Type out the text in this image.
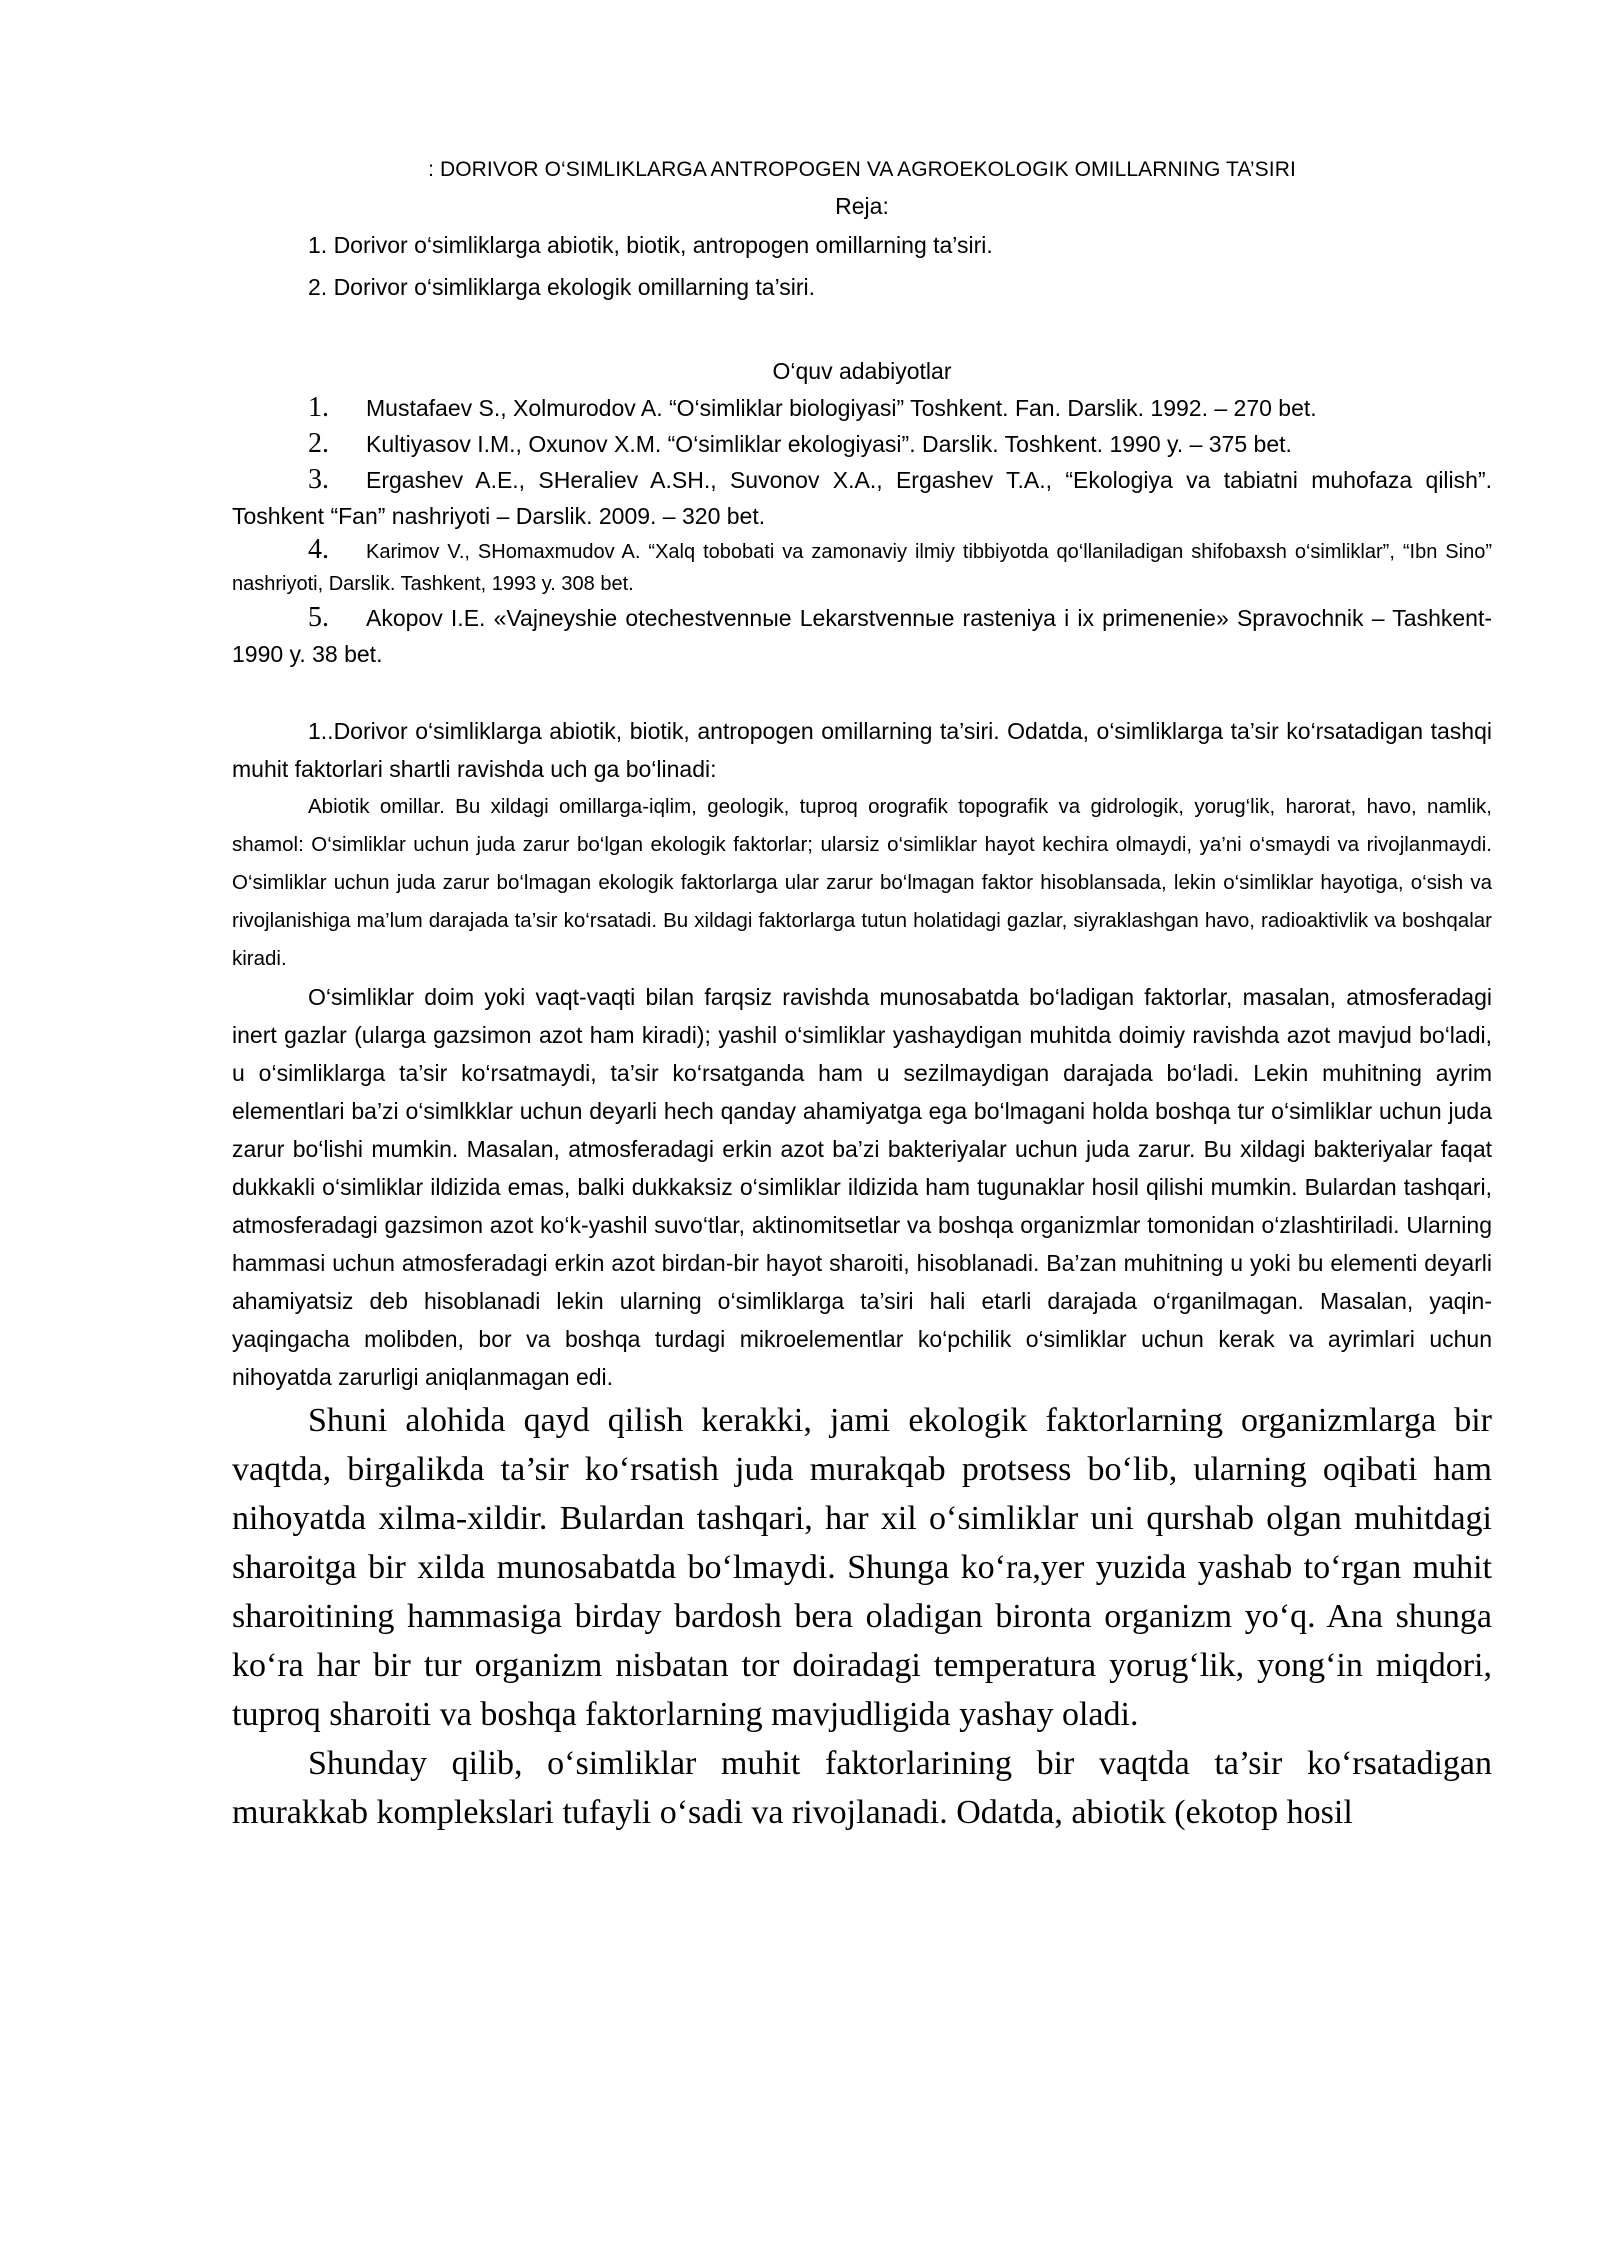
: DORIVOR O‘SIMLIKLARGA ANTROPOGEN VA AGROEKOLOGIK OMILLARNING TA’SIRI

Reja:

1. Dorivor o‘simliklarga abiotik, biotik, antropogen omillarning ta’siri.

2. Dorivor o‘simliklarga ekologik omillarning ta’siri.

O‘quv adabiyotlar

1. Mustafaev S., Xolmurodov A. “O‘simliklar biologiyasi” Toshkent. Fan. Darslik. 1992. – 270 bet.

2. Kultiyasov I.M., Oxunov X.M. “O‘simliklar ekologiyasi”. Darslik. Toshkent. 1990 y. – 375 bet.

3. Ergashev A.E., SHeraliev A.SH., Suvonov X.A., Ergashev T.A., “Ekologiya va tabiatni muhofaza qilish”. Toshkent “Fan” nashriyoti – Darslik. 2009. – 320 bet.

4. Karimov V., SHomaxmudov A. “Xalq tobobati va zamonaviy ilmiy tibbiyotda qo‘llaniladigan shifobaxsh o‘simliklar”, “Ibn Sino” nashriyoti, Darslik. Tashkent, 1993 y. 308 bet.

5. Akopov I.E. «Vajneyshie otechestvennыe Lekarstvennыe rasteniya i ix primenenie» Spravochnik – Tashkent-1990 y. 38 bet.

1..Dorivor o‘simliklarga abiotik, biotik, antropogen omillarning ta’siri. Odatda, o‘simliklarga ta’sir ko‘rsatadigan tashqi muhit faktorlari shartli ravishda uch ga bo‘linadi:

Abiotik omillar. Bu xildagi omillarga-iqlim, geologik, tuproq orografik topografik va gidrologik, yorug‘lik, harorat, havo, namlik, shamol: O‘simliklar uchun juda zarur bo‘lgan ekologik faktorlar; ularsiz o‘simliklar hayot kechira olmaydi, ya’ni o‘smaydi va rivojlanmaydi. O‘simliklar uchun juda zarur bo‘lmagan ekologik faktorlarga ular zarur bo‘lmagan faktor hisoblansada, lekin o‘simliklar hayotiga, o‘sish va rivojlanishiga ma’lum darajada ta’sir ko‘rsatadi. Bu xildagi faktorlarga tutun holatidagi gazlar, siyraklashgan havo, radioaktivlik va boshqalar kiradi.

O‘simliklar doim yoki vaqt-vaqti bilan farqsiz ravishda munosabatda bo‘ladigan faktorlar, masalan, atmosferadagi inert gazlar (ularga gazsimon azot ham kiradi); yashil o‘simliklar yashaydigan muhitda doimiy ravishda azot mavjud bo‘ladi, u o‘simliklarga ta’sir ko‘rsatmaydi, ta’sir ko‘rsatganda ham u sezilmaydigan darajada bo‘ladi. Lekin muhitning ayrim elementlari ba’zi o‘simlkklar uchun deyarli hech qanday ahamiyatga ega bo‘lmagani holda boshqa tur o‘simliklar uchun juda zarur bo‘lishi mumkin. Masalan, atmosferadagi erkin azot ba’zi bakteriyalar uchun juda zarur. Bu xildagi bakteriyalar faqat dukkakli o‘simliklar ildizida emas, balki dukkaksiz o‘simliklar ildizida ham tugunaklar hosil qilishi mumkin. Bulardan tashqari, atmosferadagi gazsimon azot ko‘k-yashil suvo‘tlar, aktinomitsetlar va boshqa organizmlar tomonidan o‘zlashtiriladi. Ularning hammasi uchun atmosferadagi erkin azot birdan-bir hayot sharoiti, hisoblanadi. Ba’zan muhitning u yoki bu elementi deyarli ahamiyatsiz deb hisoblanadi lekin ularning o‘simliklarga ta’siri hali etarli darajada o‘rganilmagan. Masalan, yaqin-yaqingacha molibden, bor va boshqa turdagi mikroelementlar ko‘pchilik o‘simliklar uchun kerak va ayrimlari uchun nihoyatda zarurligi aniqlanmagan edi.

Shuni alohida qayd qilish kerakki, jami ekologik faktorlarning organizmlarga bir vaqtda, birgalikda ta’sir ko‘rsatish juda murakqab protsess bo‘lib, ularning oqibati ham nihoyatda xilma-xildir. Bulardan tashqari, har xil o‘simliklar uni qurshab olgan muhitdagi sharoitga bir xilda munosabatda bo‘lmaydi. Shunga ko‘ra,yer yuzida yashab to‘rgan muhit sharoitining hammasiga birday bardosh bera oladigan bironta organizm yo‘q. Ana shunga ko‘ra har bir tur organizm nisbatan tor doiradagi temperatura yorug‘lik, yong‘in miqdori, tuproq sharoiti va boshqa faktorlarning mavjudligida yashay oladi.

Shunday qilib, o‘simliklar muhit faktorlarining bir vaqtda ta’sir ko‘rsatadigan murakkab komplekslari tufayli o‘sadi va rivojlanadi. Odatda, abiotik (ekotop hosil
